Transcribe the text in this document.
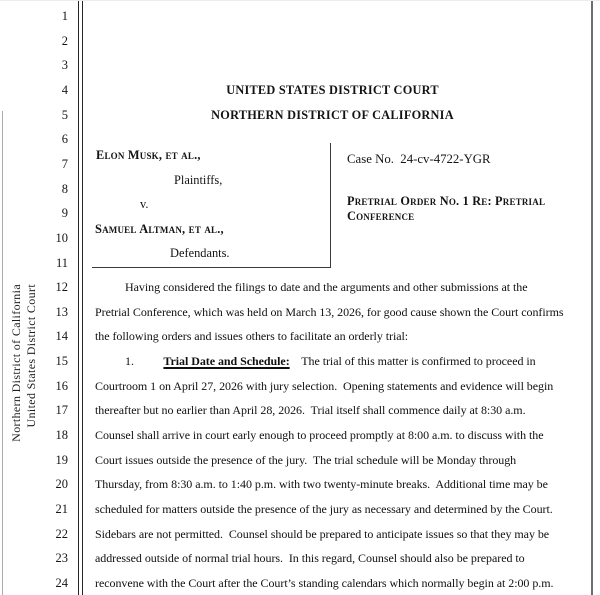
Northern District of California United States District Court
1
2
3
4
5
6
7
8
9
10
11
12
13
14
15
16
17
18
19
20
21
22
23
24
UNITED STATES DISTRICT COURT
NORTHERN DISTRICT OF CALIFORNIA
Elon Musk, et al.,
Plaintiffs,
v.
Samuel Altman, et al.,
Defendants.
Case No.  24-cv-4722-YGR
Pretrial Order No. 1 Re: Pretrial Conference
Having considered the filings to date and the arguments and other submissions at the
Pretrial Conference, which was held on March 13, 2026, for good cause shown the Court confirms
the following orders and issues others to facilitate an orderly trial:
1.          Trial Date and Schedule:    The trial of this matter is confirmed to proceed in
Courtroom 1 on April 27, 2026 with jury selection.  Opening statements and evidence will begin
thereafter but no earlier than April 28, 2026.  Trial itself shall commence daily at 8:30 a.m.
Counsel shall arrive in court early enough to proceed promptly at 8:00 a.m. to discuss with the
Court issues outside the presence of the jury.  The trial schedule will be Monday through
Thursday, from 8:30 a.m. to 1:40 p.m. with two twenty-minute breaks.  Additional time may be
scheduled for matters outside the presence of the jury as necessary and determined by the Court.
Sidebars are not permitted.  Counsel should be prepared to anticipate issues so that they may be
addressed outside of normal trial hours.  In this regard, Counsel should also be prepared to
reconvene with the Court after the Court’s standing calendars which normally begin at 2:00 p.m.
